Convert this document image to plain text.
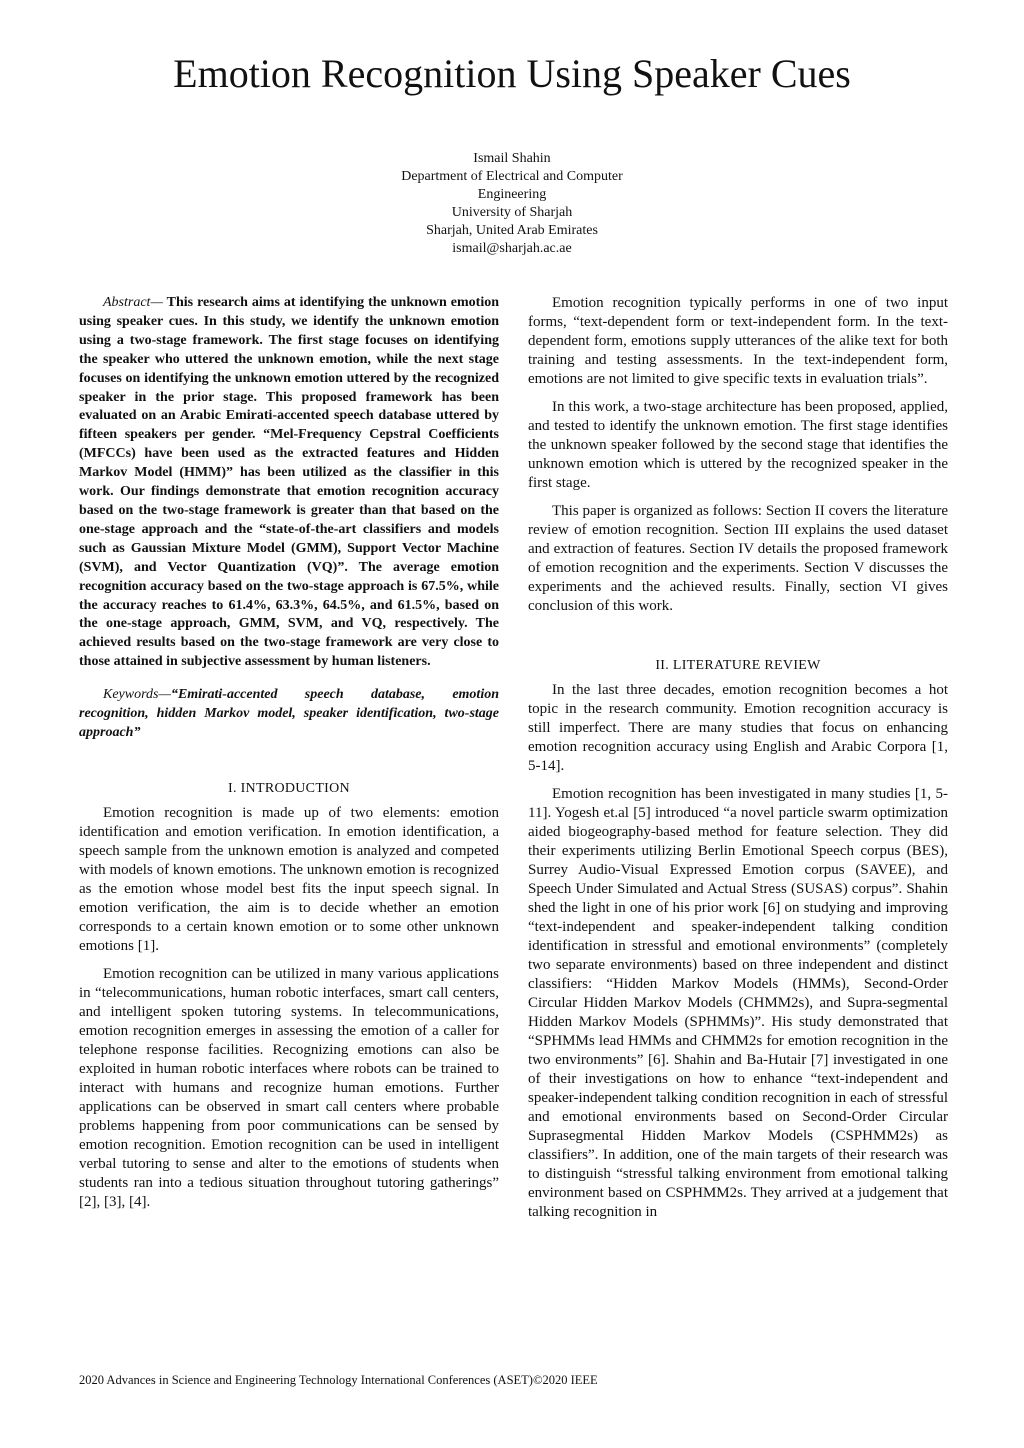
Emotion Recognition Using Speaker Cues
Ismail Shahin
Department of Electrical and Computer
Engineering
University of Sharjah
Sharjah, United Arab Emirates
ismail@sharjah.ac.ae

Abstract— This research aims at identifying the unknown emotion using speaker cues. In this study, we identify the unknown emotion using a two-stage framework. The first stage focuses on identifying the speaker who uttered the unknown emotion, while the next stage focuses on identifying the unknown emotion uttered by the recognized speaker in the prior stage. This proposed framework has been evaluated on an Arabic Emirati-accented speech database uttered by fifteen speakers per gender. “Mel-Frequency Cepstral Coefficients (MFCCs) have been used as the extracted features and Hidden Markov Model (HMM)” has been utilized as the classifier in this work. Our findings demonstrate that emotion recognition accuracy based on the two-stage framework is greater than that based on the one-stage approach and the “state-of-the-art classifiers and models such as Gaussian Mixture Model (GMM), Support Vector Machine (SVM), and Vector Quantization (VQ)”. The average emotion recognition accuracy based on the two-stage approach is 67.5%, while the accuracy reaches to 61.4%, 63.3%, 64.5%, and 61.5%, based on the one-stage approach, GMM, SVM, and VQ, respectively. The achieved results based on the two-stage framework are very close to those attained in subjective assessment by human listeners.

Keywords—“Emirati-accented speech database, emotion recognition, hidden Markov model, speaker identification, two-stage approach”

I. INTRODUCTION

Emotion recognition is made up of two elements: emotion identification and emotion verification. In emotion identification, a speech sample from the unknown emotion is analyzed and competed with models of known emotions. The unknown emotion is recognized as the emotion whose model best fits the input speech signal. In emotion verification, the aim is to decide whether an emotion corresponds to a certain known emotion or to some other unknown emotions [1].

Emotion recognition can be utilized in many various applications in “telecommunications, human robotic interfaces, smart call centers, and intelligent spoken tutoring systems. In telecommunications, emotion recognition emerges in assessing the emotion of a caller for telephone response facilities. Recognizing emotions can also be exploited in human robotic interfaces where robots can be trained to interact with humans and recognize human emotions. Further applications can be observed in smart call centers where probable problems happening from poor communications can be sensed by emotion recognition. Emotion recognition can be used in intelligent verbal tutoring to sense and alter to the emotions of students when students ran into a tedious situation throughout tutoring gatherings” [2], [3], [4].

Emotion recognition typically performs in one of two input forms, “text-dependent form or text-independent form. In the text-dependent form, emotions supply utterances of the alike text for both training and testing assessments. In the text-independent form, emotions are not limited to give specific texts in evaluation trials”.

In this work, a two-stage architecture has been proposed, applied, and tested to identify the unknown emotion. The first stage identifies the unknown speaker followed by the second stage that identifies the unknown emotion which is uttered by the recognized speaker in the first stage.

This paper is organized as follows: Section II covers the literature review of emotion recognition. Section III explains the used dataset and extraction of features. Section IV details the proposed framework of emotion recognition and the experiments. Section V discusses the experiments and the achieved results. Finally, section VI gives conclusion of this work.

II. LITERATURE REVIEW

In the last three decades, emotion recognition becomes a hot topic in the research community. Emotion recognition accuracy is still imperfect. There are many studies that focus on enhancing emotion recognition accuracy using English and Arabic Corpora [1, 5-14].

Emotion recognition has been investigated in many studies [1, 5-11]. Yogesh et.al [5] introduced “a novel particle swarm optimization aided biogeography-based method for feature selection. They did their experiments utilizing Berlin Emotional Speech corpus (BES), Surrey Audio-Visual Expressed Emotion corpus (SAVEE), and Speech Under Simulated and Actual Stress (SUSAS) corpus”. Shahin shed the light in one of his prior work [6] on studying and improving “text-independent and speaker-independent talking condition identification in stressful and emotional environments” (completely two separate environments) based on three independent and distinct classifiers: “Hidden Markov Models (HMMs), Second-Order Circular Hidden Markov Models (CHMM2s), and Supra-segmental Hidden Markov Models (SPHMMs)”. His study demonstrated that “SPHMMs lead HMMs and CHMM2s for emotion recognition in the two environments” [6]. Shahin and Ba-Hutair [7] investigated in one of their investigations on how to enhance “text-independent and speaker-independent talking condition recognition in each of stressful and emotional environments based on Second-Order Circular Suprasegmental Hidden Markov Models (CSPHMM2s) as classifiers”. In addition, one of the main targets of their research was to distinguish “stressful talking environment from emotional talking environment based on CSPHMM2s. They arrived at a judgement that talking recognition in

2020 Advances in Science and Engineering Technology International Conferences (ASET)©2020 IEEE
